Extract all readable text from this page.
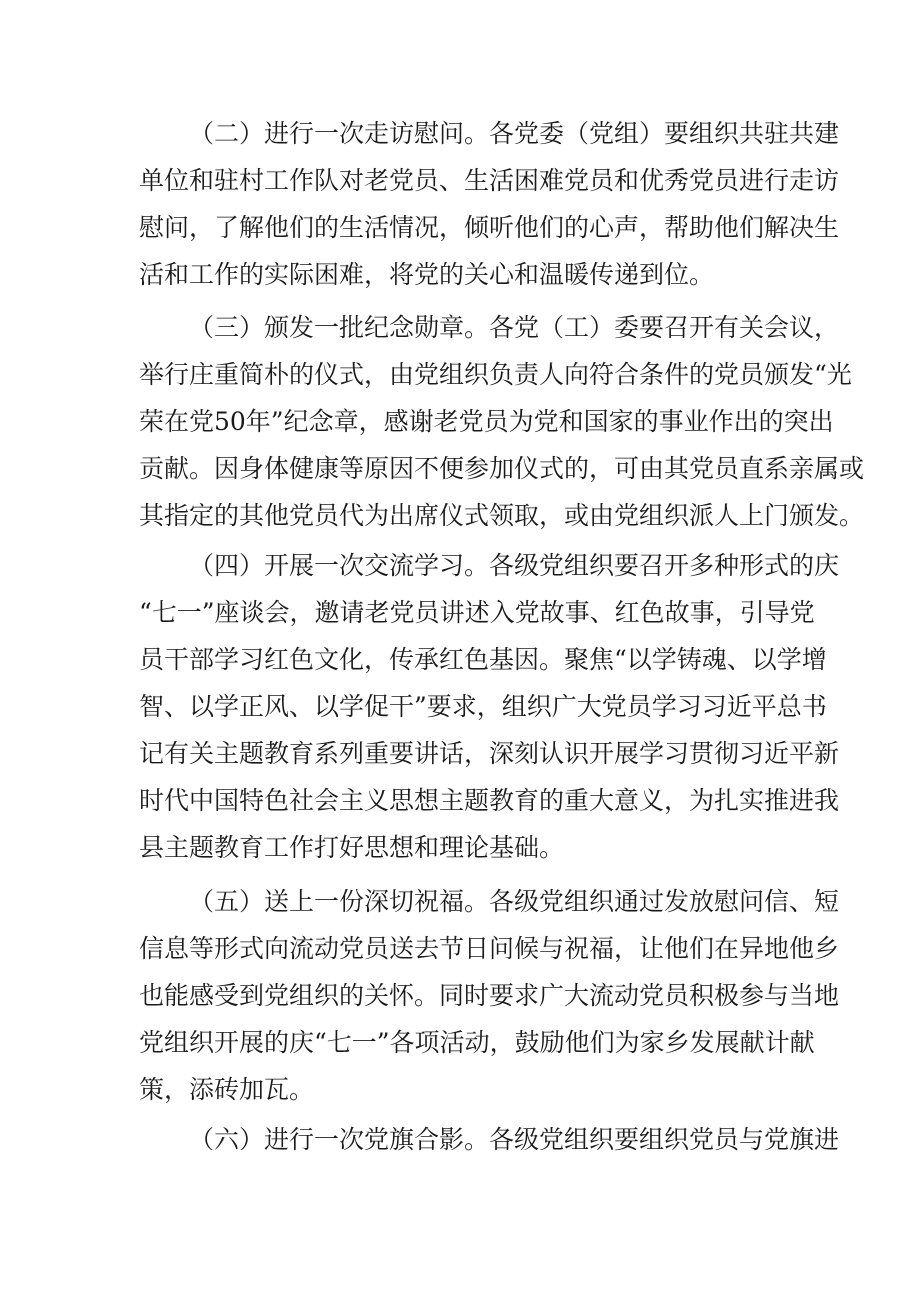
（二）进行一次走访慰问。各党委（党组）要组织共驻共建
单位和驻村工作队对老党员、生活困难党员和优秀党员进行走访
慰问，了解他们的生活情况，倾听他们的心声，帮助他们解决生
活和工作的实际困难，将党的关心和温暖传递到位。
（三）颁发一批纪念勋章。各党（工）委要召开有关会议，
举行庄重简朴的仪式，由党组织负责人向符合条件的党员颁发“光
荣在党50年”纪念章，感谢老党员为党和国家的事业作出的突出
贡献。因身体健康等原因不便参加仪式的，可由其党员直系亲属或
其指定的其他党员代为出席仪式领取，或由党组织派人上门颁发。
（四）开展一次交流学习。各级党组织要召开多种形式的庆
“七一”座谈会，邀请老党员讲述入党故事、红色故事，引导党
员干部学习红色文化，传承红色基因。聚焦“以学铸魂、以学增
智、以学正风、以学促干”要求，组织广大党员学习习近平总书
记有关主题教育系列重要讲话，深刻认识开展学习贯彻习近平新
时代中国特色社会主义思想主题教育的重大意义，为扎实推进我
县主题教育工作打好思想和理论基础。
（五）送上一份深切祝福。各级党组织通过发放慰问信、短
信息等形式向流动党员送去节日问候与祝福，让他们在异地他乡
也能感受到党组织的关怀。同时要求广大流动党员积极参与当地
党组织开展的庆“七一”各项活动，鼓励他们为家乡发展献计献
策，添砖加瓦。
（六）进行一次党旗合影。各级党组织要组织党员与党旗进
